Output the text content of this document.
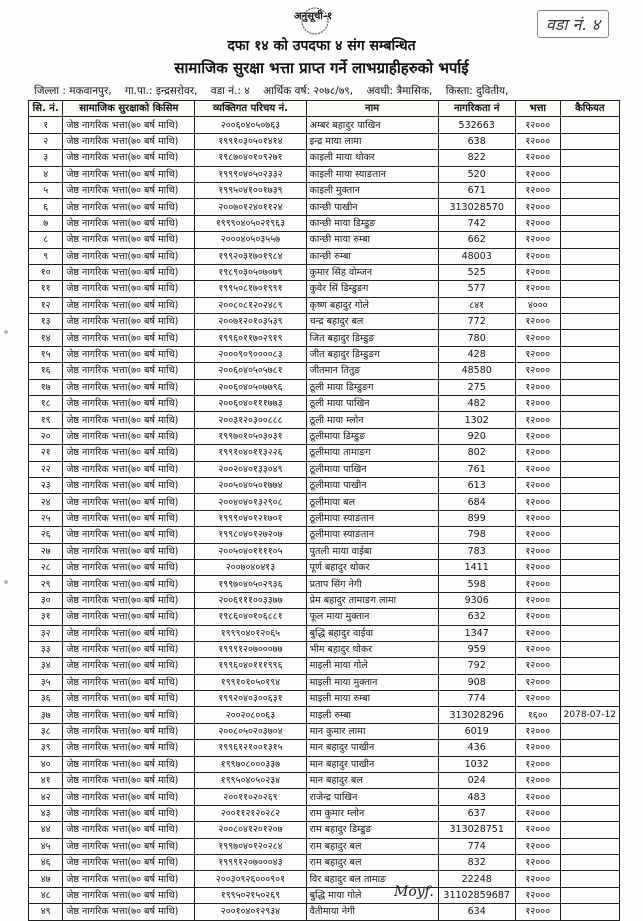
अनुसूची-१	वडा नं. ४
दफा १४ को उपदफा ४ संग सम्बन्धित
सामाजिक सुरक्षा भत्ता प्राप्त गर्ने लाभग्राहीहरुको भर्पाई
जिल्ला : मकवानपुर, गा.पा.: इन्द्रसरोवर, वडा नं.: ४ आर्थिक वर्ष: २०७८/७९, अवधी: त्रैमासिक, किस्ता: दुवितीय,
सि. नं.	सामाजिक सुरक्षाको किसिम	व्यक्तिगत परिचय नं.	नाम	नागरिकता नं	भत्ता	कैफियत
१	जेष्ठ नागरिक भत्ता(७० बर्ष माथि)	२००६०४०५०७६३	अम्बर बहादुर पाखिन	532663	१२०००	
२	जेष्ठ नागरिक भत्ता(७० बर्ष माथि)	१९९१०३०५०१४१४	इन्द्र माया लामा	638	१२०००	
३	जेष्ठ नागरिक भत्ता(७० बर्ष माथि)	१९८७०४०१०९२७१	काइली माया थोकर	822	१२०००	
४	जेष्ठ नागरिक भत्ता(७० बर्ष माथि)	१९९९०४०५०२३३२	काइली माया स्याङतान	520	१२०००	
५	जेष्ठ नागरिक भत्ता(७० बर्ष माथि)	१९९५०४१००१७३९	काइली मुक्तान	671	१२०००	
६	जेष्ठ नागरिक भत्ता(७० बर्ष माथि)	२००७०१२४०११२४	कान्छी पाखीन	313028570	१२०००	
७	जेष्ठ नागरिक भत्ता(७० बर्ष माथि)	१९९९०४०५०२१९६३	कान्छी माया डिम्डुङ	742	१२०००	
८	जेष्ठ नागरिक भत्ता(७० बर्ष माथि)	२०००४०५०३५५७	कान्छी माया रुम्बा	662	१२०००	
९	जेष्ठ नागरिक भत्ता(७० बर्ष माथि)	१९९२०३१७०१९८४	कान्छी रुम्बा	48003	१२०००	
१०	जेष्ठ नागरिक भत्ता(७० बर्ष माथि)	१९८९०३०५०७०७९	कुमार सिंह वोम्जन	525	१२०००	
११	जेष्ठ नागरिक भत्ता(७० बर्ष माथि)	१९९५०८१७०१९९१	कुवेर सिं डिम्डुङग	577	१२०००	
१२	जेष्ठ नागरिक भत्ता(७० बर्ष माथि)	२००८०८१२०२४८९	कृष्ण बहादुर गोले	८४१	४०००	
१३	जेष्ठ नागरिक भत्ता(७० बर्ष माथि)	२००७१२०१०३५३९	चन्द्र बहादुर बल	772	१२०००	
१४	जेष्ठ नागरिक भत्ता(७० बर्ष माथि)	१९९६०११७०२९१९	जित बहादुर डिम्डुङ	780	१२०००	
१५	जेष्ठ नागरिक भत्ता(७० बर्ष माथि)	२०००९०९००००८३	जीत बहादुर डिम्डुङग	428	१२०००	
१६	जेष्ठ नागरिक भत्ता(७० बर्ष माथि)	२००६०४०५०५७८१	जीतमान तितुङ	48580	१२०००	
१७	जेष्ठ नागरिक भत्ता(७० बर्ष माथि)	२००६०४०५०७७९६	ठूली माया डिम्डुङग	275	१२०००	
१८	जेष्ठ नागरिक भत्ता(७० बर्ष माथि)	२००६०४०१११७७३	ठूली माया पाखिन	482	१२०००	
१९	जेष्ठ नागरिक भत्ता(७० बर्ष माथि)	२००३१२०३००८८८	ठूली माया म्लोन	1302	१२०००	
२०	जेष्ठ नागरिक भत्ता(७० बर्ष माथि)	१९९७०१०५०३०३१	ठूलीमाया डिम्डुङ	920	१२०००	
२१	जेष्ठ नागरिक भत्ता(७० बर्ष माथि)	१९९१०४०११३२२६	ठूलीमाया तामाङग	802	१२०००	
२२	जेष्ठ नागरिक भत्ता(७० बर्ष माथि)	२००२०४०१३३०४९	ठूलीमाया पाखिन	761	१२०००	
२३	जेष्ठ नागरिक भत्ता(७० बर्ष माथि)	२००५०४०५०१७७४	ठूलीमाया पाखीन	613	१२०००	
२४	जेष्ठ नागरिक भत्ता(७० बर्ष माथि)	२००४०४०१३२९०८	ठूलीमाया बल	684	१२०००	
२५	जेष्ठ नागरिक भत्ता(७० बर्ष माथि)	१९९९०४०१२१७०१	ठूलीमाया स्याङतान	899	१२०००	
२६	जेष्ठ नागरिक भत्ता(७० बर्ष माथि)	१९९८०४०१२७२०७	ठूलीमाया स्याङतान	798	१२०००	
२७	जेष्ठ नागरिक भत्ता(७० बर्ष माथि)	२००५०४०११११०५	पुतली माया वाईबा	783	१२०००	
२८	जेष्ठ नागरिक भत्ता(७० बर्ष माथि)	२००७०४०४१३	पूर्ण बहादुर थोकर	1411	१२०००	
२९	जेष्ठ नागरिक भत्ता(७० बर्ष माथि)	१९९७०४०५०२९३६	प्रताप सिंग नेगी	598	१२०००	
३०	जेष्ठ नागरिक भत्ता(७० बर्ष माथि)	२००६१११००३३७७	प्रेम बहादुर तामाङग लामा	9306	१२०००	
३१	जेष्ठ नागरिक भत्ता(७० बर्ष माथि)	१९८६०४०१०६८८१	फूल माया मुक्तान	632	१२०००	
३२	जेष्ठ नागरिक भत्ता(७० बर्ष माथि)	१९९९०४०१२०६५	बुद्धि बहादुर वाईवा	1347	१२०००	
३३	जेष्ठ नागरिक भत्ता(७० बर्ष माथि)	१९९९१२०७०००७७	भीम बहादुर थोकर	959	१२०००	
३४	जेष्ठ नागरिक भत्ता(७० बर्ष माथि)	१९९६०४०१११९९६	माइली माया गोले	792	१२०००	
३५	जेष्ठ नागरिक भत्ता(७० बर्ष माथि)	१९९१०१०५०१९४	माइली माया मुक्तान	908	१२०००	
३६	जेष्ठ नागरिक भत्ता(७० बर्ष माथि)	१९९२०४०३००६३१	माइली माया रुम्बा	774	१२०००	
३७	जेष्ठ नागरिक भत्ता(७० बर्ष माथि)	२००२०८००६३	माइली रुम्बा	313028296	१६००	2078-07-12
३८	जेष्ठ नागरिक भत्ता(७० बर्ष माथि)	२००८०५०२०३७०४	मान कुमार लामा	6019	१२०००	
३९	जेष्ठ नागरिक भत्ता(७० बर्ष माथि)	१९९६१२१००१३१५	मान बहादुर पाखीन	436	१२०००	
४०	जेष्ठ नागरिक भत्ता(७० बर्ष माथि)	१९९७०८०००३३७	मान बहादुर पाखीन	1032	१२०००	
४१	जेष्ठ नागरिक भत्ता(७० बर्ष माथि)	१९९५०४०५०२३४	मान बहादुर बल	024	१२०००	
४२	जेष्ठ नागरिक भत्ता(७० बर्ष माथि)	२००११०२०२६९	राजेन्द्र पाखिन	483	१२०००	
४३	जेष्ठ नागरिक भत्ता(७० बर्ष माथि)	२००११२१२०२८२	राम कुमार म्लोन	637	१२०००	
४४	जेष्ठ नागरिक भत्ता(७० बर्ष माथि)	२००८०४१२०१२०७	राम बहादुर डिम्डुङ	313028751	१२०००	
४५	जेष्ठ नागरिक भत्ता(७० बर्ष माथि)	१९९७०४०१२०२८४	राम बहादुर बल	774	१२०००	
४६	जेष्ठ नागरिक भत्ता(७० बर्ष माथि)	१९९९१२०७०००४३	राम बहादुर बल	832	१२०००	
४७	जेष्ठ नागरिक भत्ता(७० बर्ष माथि)	२००३०९२६०००९०१	विर बहादुर बल तामाङ	22248	१२०००	
४८	जेष्ठ नागरिक भत्ता(७० बर्ष माथि)	१९९५०२१५०२६९	बुद्धि माया गोले	31102859687	१२०००	
४९	जेष्ठ नागरिक भत्ता(७० बर्ष माथि)	२००१०४०१२९३४	वैतीमाया नेगी	634	१२०००	
Moyf.
